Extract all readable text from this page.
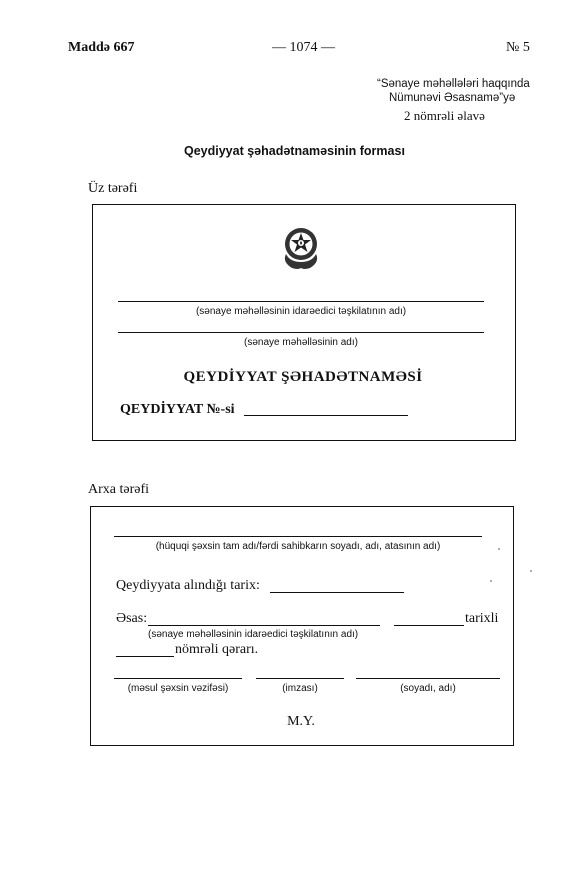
Maddə 667	— 1074 —	№ 5
“Sənaye məhəllələri haqqında
Nümunəvi Əsasnamə”yə
2 nömrəli əlavə
Qeydiyyat şəhadətnaməsinin forması
Üz tərəfi
(sənaye məhəlləsinin idarəedici təşkilatının adı)
(sənaye məhəlləsinin adı)
QEYDİYYAT ŞƏHADƏTNAMƏSİ
QEYDİYYAT №-si
Arxa tərəfi
(hüquqi şəxsin tam adı/fərdi sahibkarın soyadı, adı, atasının adı)
Qeydiyyata alındığı tarix:
Əsas:	tarixli
(sənaye məhəlləsinin idarəedici təşkilatının adı)
nömrəli qərarı.
(məsul şəxsin vəzifəsi)	(imzası)	(soyadı, adı)
M.Y.
